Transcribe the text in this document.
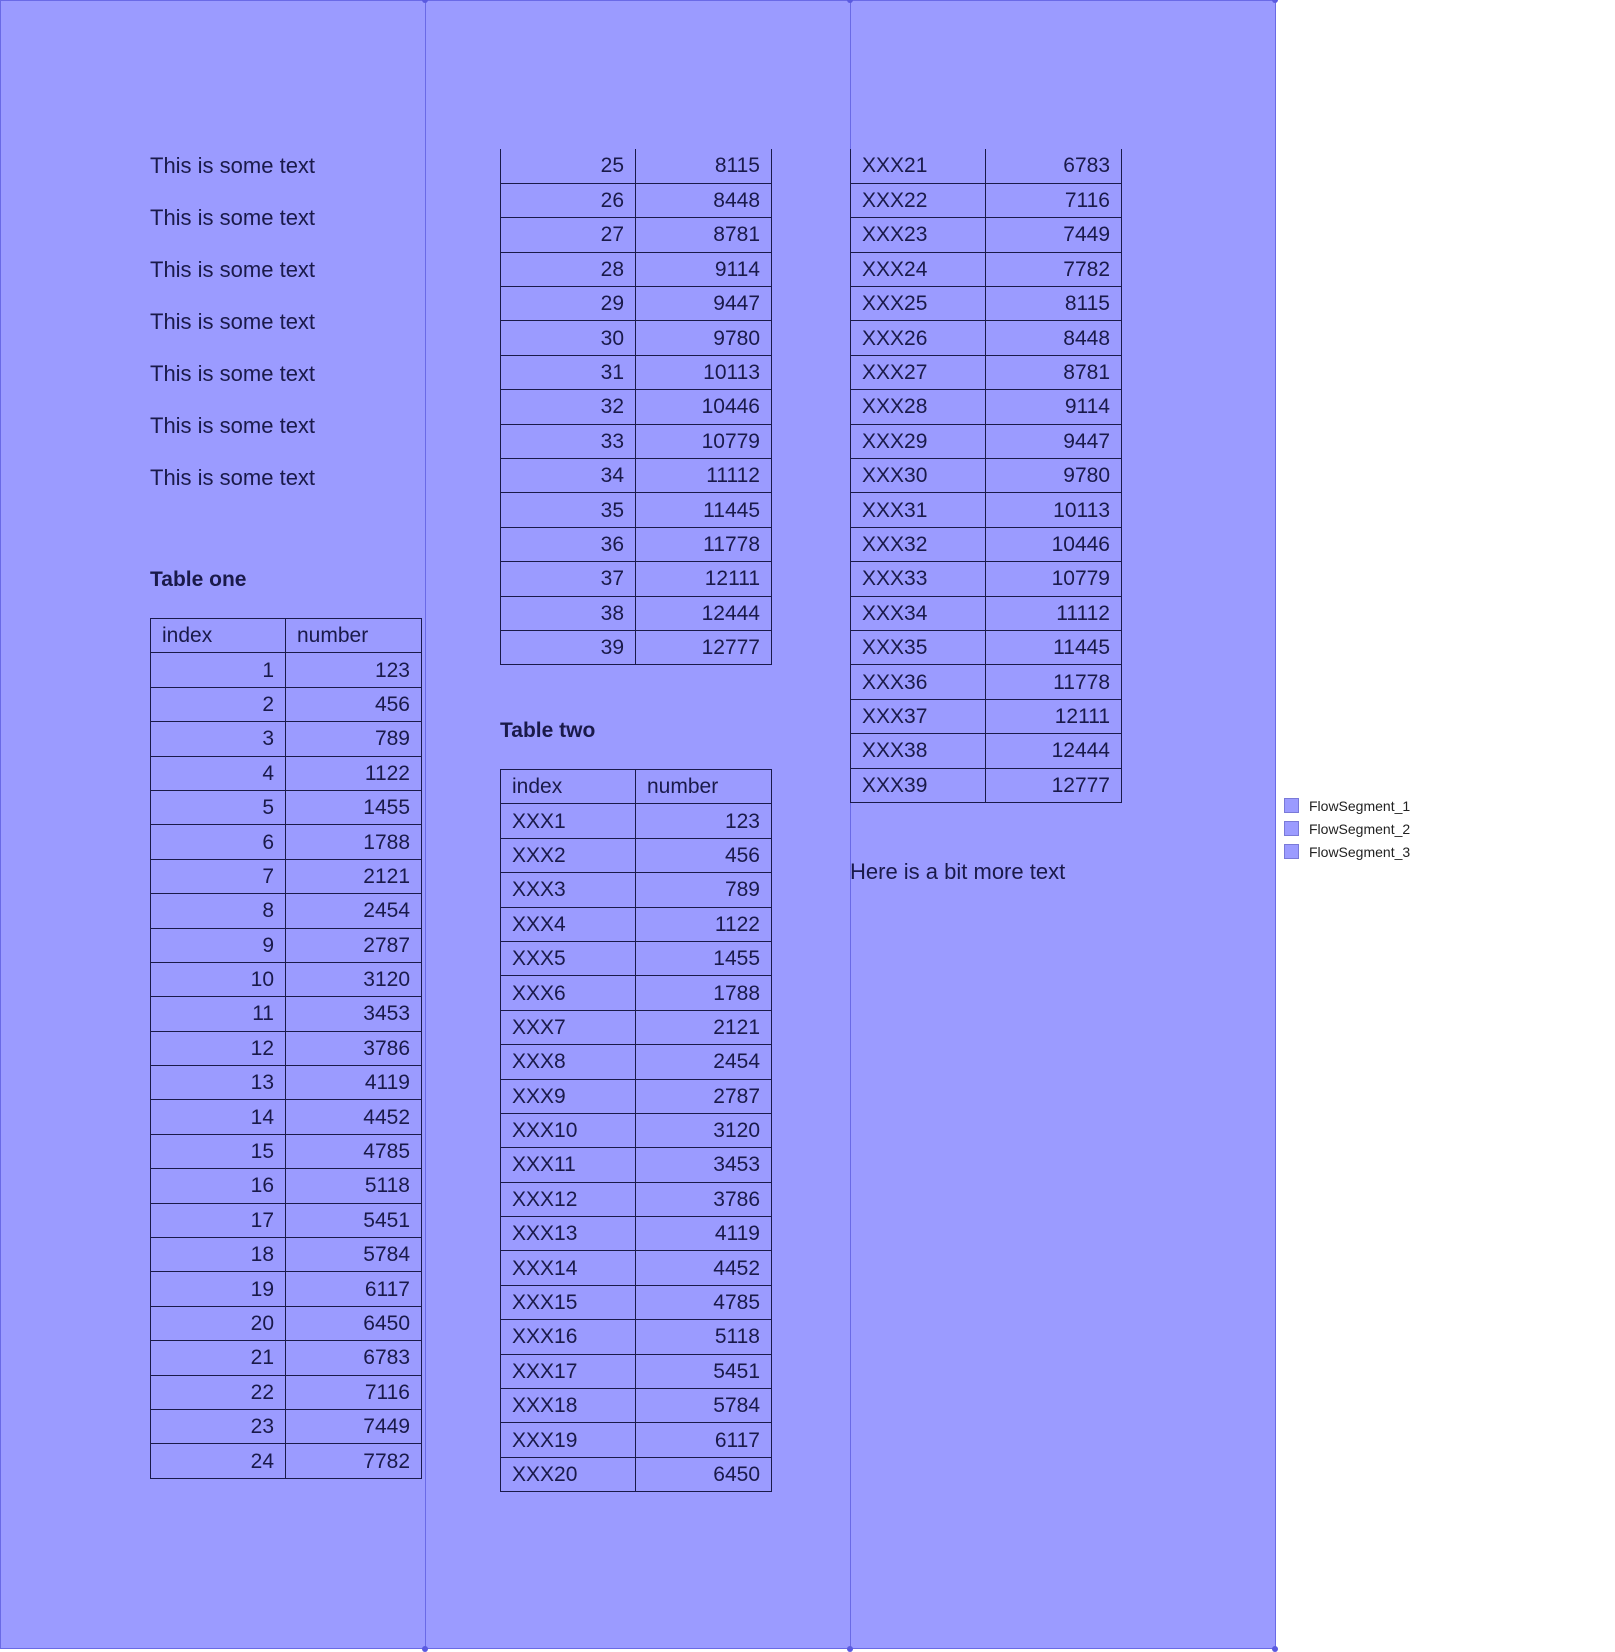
This is some text
This is some text
This is some text
This is some text
This is some text
This is some text
This is some text
Table one
index	number
1	123
2	456
3	789
4	1122
5	1455
6	1788
7	2121
8	2454
9	2787
10	3120
11	3453
12	3786
13	4119
14	4452
15	4785
16	5118
17	5451
18	5784
19	6117
20	6450
21	6783
22	7116
23	7449
24	7782
25	8115
26	8448
27	8781
28	9114
29	9447
30	9780
31	10113
32	10446
33	10779
34	11112
35	11445
36	11778
37	12111
38	12444
39	12777
Table two
index	number
XXX1	123
XXX2	456
XXX3	789
XXX4	1122
XXX5	1455
XXX6	1788
XXX7	2121
XXX8	2454
XXX9	2787
XXX10	3120
XXX11	3453
XXX12	3786
XXX13	4119
XXX14	4452
XXX15	4785
XXX16	5118
XXX17	5451
XXX18	5784
XXX19	6117
XXX20	6450
XXX21	6783
XXX22	7116
XXX23	7449
XXX24	7782
XXX25	8115
XXX26	8448
XXX27	8781
XXX28	9114
XXX29	9447
XXX30	9780
XXX31	10113
XXX32	10446
XXX33	10779
XXX34	11112
XXX35	11445
XXX36	11778
XXX37	12111
XXX38	12444
XXX39	12777
Here is a bit more text
FlowSegment_1
FlowSegment_2
FlowSegment_3
